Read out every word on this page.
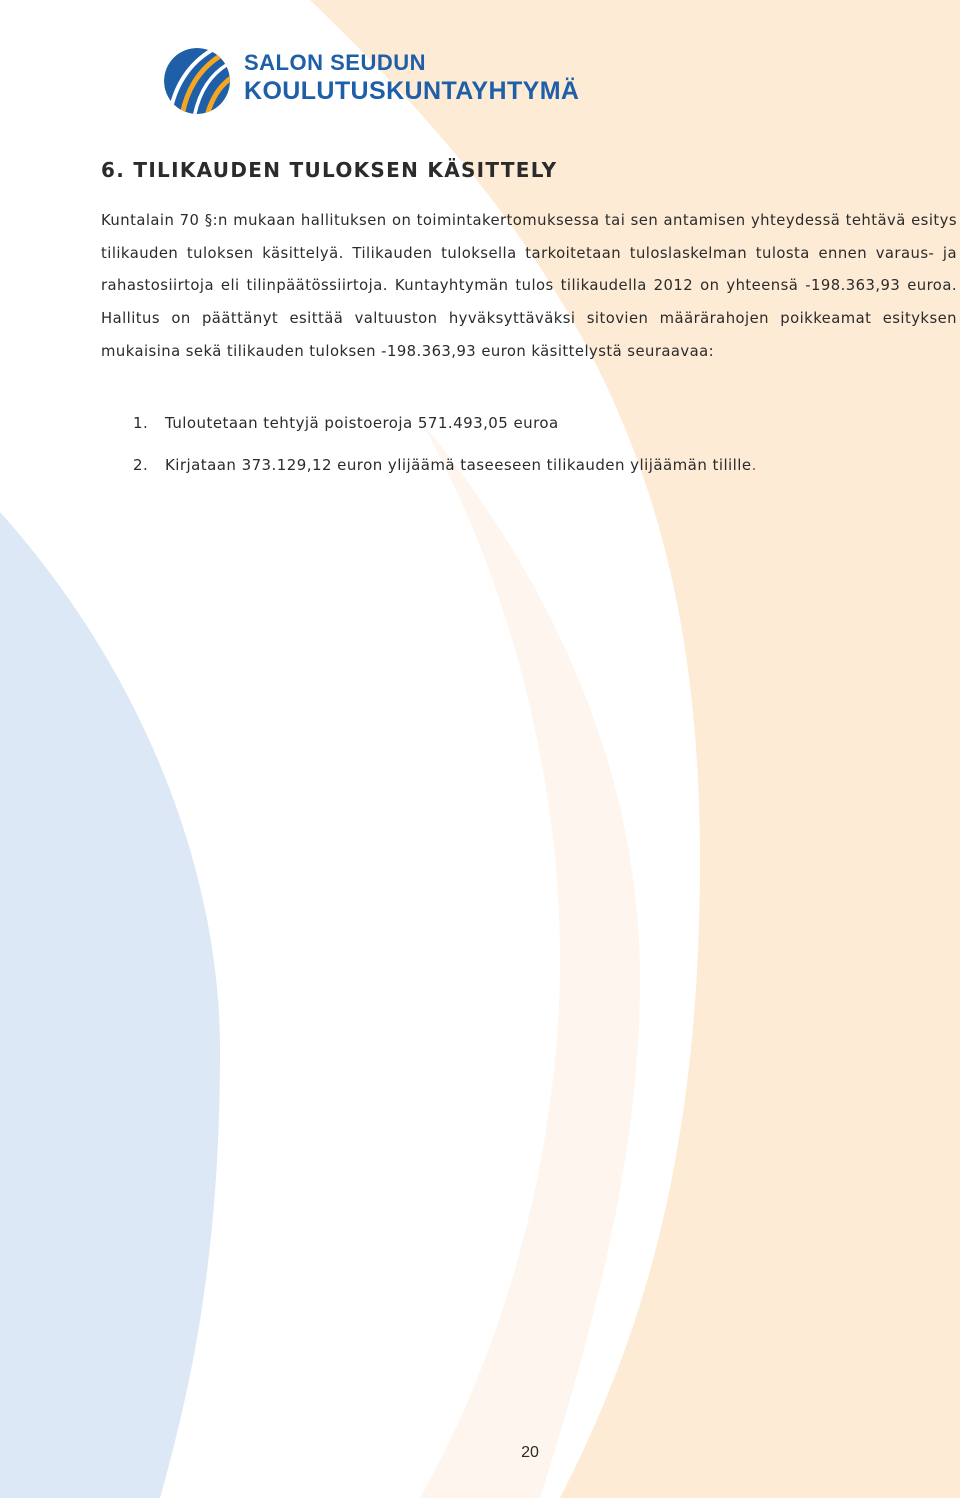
SALON SEUDUN
KOULUTUSKUNTAYHTYMÄ
6. TILIKAUDEN TULOKSEN KÄSITTELY

Kuntalain 70 §:n mukaan hallituksen on toimintakertomuksessa tai sen antamisen yhteydessä tehtävä esitys tilikauden tuloksen käsittelyä. Tilikauden tuloksella tarkoitetaan tuloslaskelman tulosta ennen varaus- ja rahastosiirtoja eli tilinpäätössiirtoja. Kuntayhtymän tulos tilikaudella 2012 on yhteensä -198.363,93 euroa. Hallitus on päättänyt esittää valtuuston hyväksyttäväksi sitovien määrärahojen poikkeamat esityksen mukaisina sekä tilikauden tuloksen -198.363,93 euron käsittelystä seuraavaa:

1. Tuloutetaan tehtyjä poistoeroja 571.493,05 euroa
2. Kirjataan 373.129,12 euron ylijäämä taseeseen tilikauden ylijäämän tilille.
20
